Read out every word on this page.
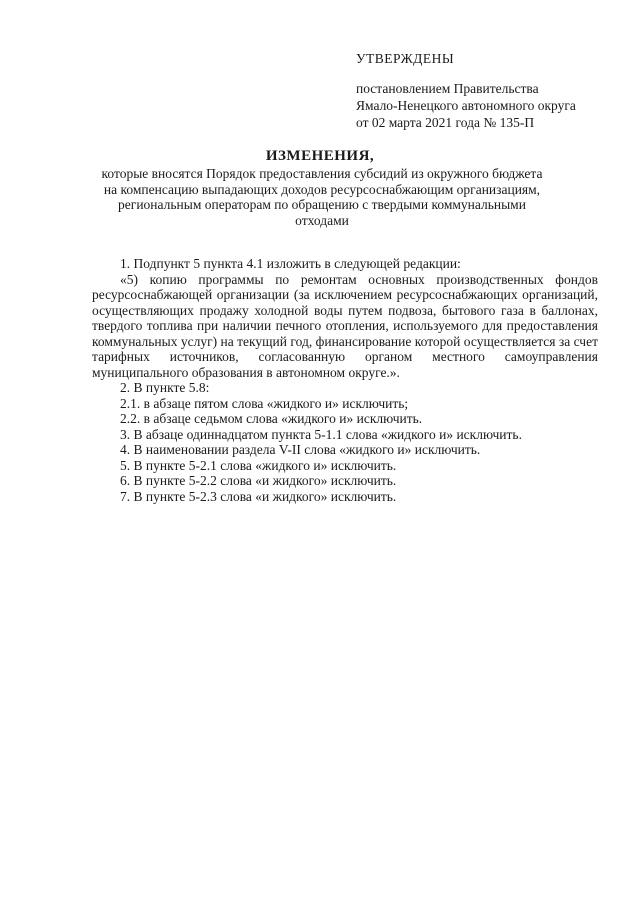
УТВЕРЖДЕНЫ
постановлением Правительства
Ямало-Ненецкого автономного округа
от 02 марта 2021 года № 135-П
ИЗМЕНЕНИЯ,
которые вносятся Порядок предоставления субсидий из окружного бюджета
на компенсацию выпадающих доходов ресурсоснабжающим организациям,
региональным операторам по обращению с твердыми коммунальными
отходами

1. Подпункт 5 пункта 4.1 изложить в следующей редакции:

«5) копию программы по ремонтам основных производственных фондов ресурсоснабжающей организации (за исключением ресурсоснабжающих организаций, осуществляющих продажу холодной воды путем подвоза, бытового газа в баллонах, твердого топлива при наличии печного отопления, используемого для предоставления коммунальных услуг) на текущий год, финансирование которой осуществляется за счет тарифных источников, согласованную органом местного самоуправления муниципального образования в автономном округе.».

2. В пункте 5.8:

2.1. в абзаце пятом слова «жидкого и» исключить;

2.2. в абзаце седьмом слова «жидкого и» исключить.

3. В абзаце одиннадцатом пункта 5-1.1 слова «жидкого и» исключить.

4. В наименовании раздела V-II слова «жидкого и» исключить.

5. В пункте 5-2.1 слова «жидкого и» исключить.

6. В пункте 5-2.2 слова «и жидкого» исключить.

7. В пункте 5-2.3 слова «и жидкого» исключить.
